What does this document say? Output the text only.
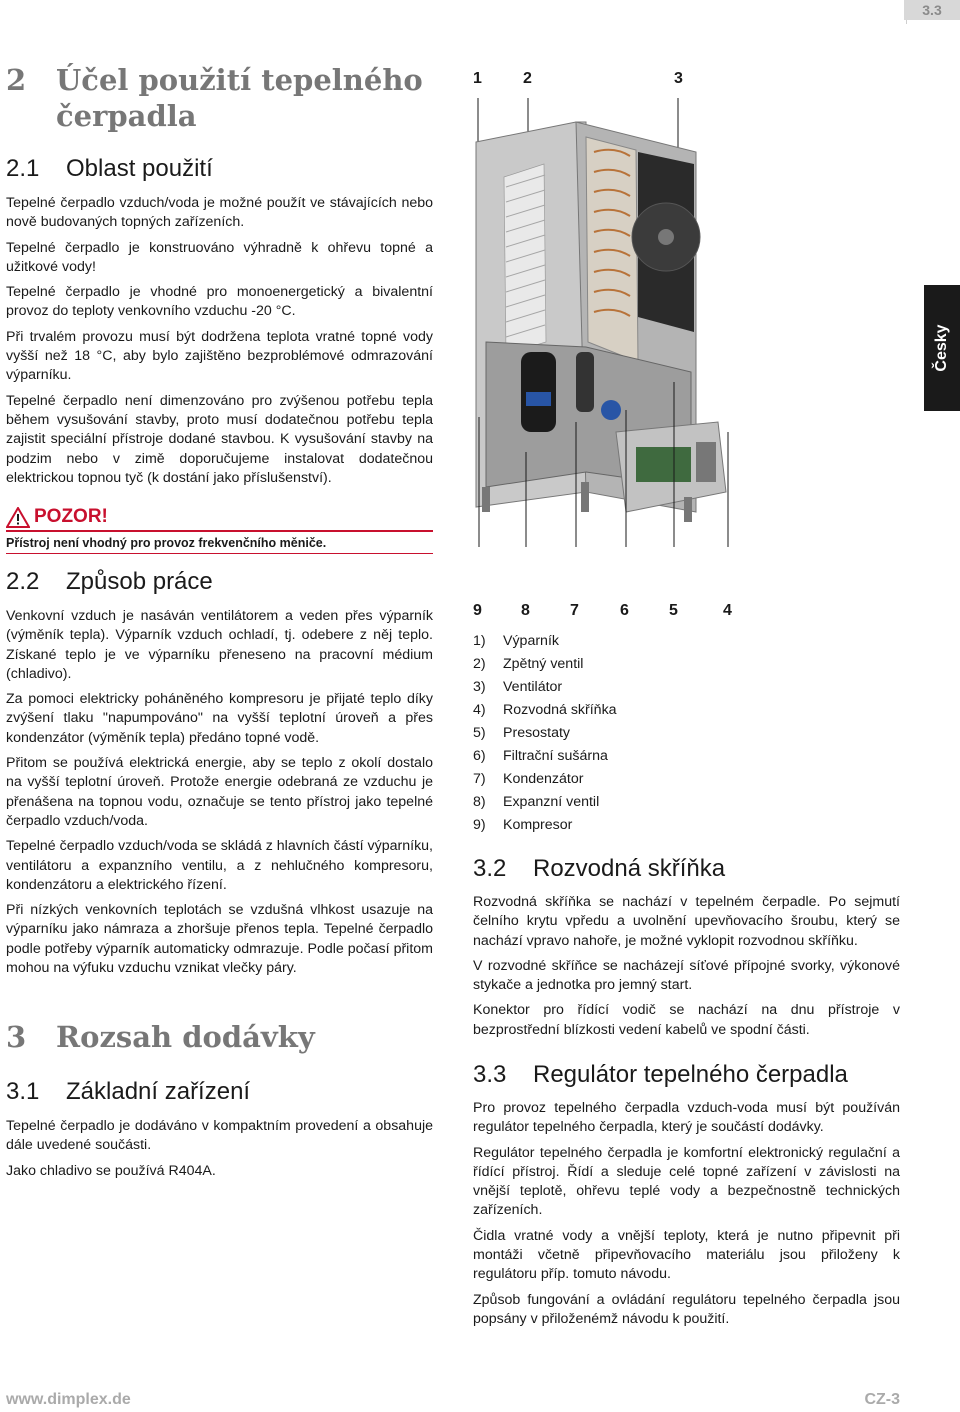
3.3
Česky
2	Účel použití tepelného čerpadla
2.1 Oblast použití

Tepelné čerpadlo vzduch/voda je možné použít ve stávajících nebo nově budovaných topných zařízeních.

Tepelné čerpadlo je konstruováno výhradně k ohřevu topné a užitkové vody!

Tepelné čerpadlo je vhodné pro monoenergetický a bivalentní provoz do teploty venkovního vzduchu -20 °C.

Při trvalém provozu musí být dodržena teplota vratné topné vody vyšší než 18 °C, aby bylo zajištěno bezproblémové odmrazování výparníku.

Tepelné čerpadlo není dimenzováno pro zvýšenou potřebu tepla během vysušování stavby, proto musí dodatečnou potřebu tepla zajistit speciální přístroje dodané stavbou. K vysušování stavby na podzim nebo v zimě doporučujeme instalovat dodatečnou elektrickou topnou tyč (k dostání jako příslušenství).

POZOR!
Přístroj není vhodný pro provoz frekvenčního měniče.
2.2 Způsob práce

Venkovní vzduch je nasáván ventilátorem a veden přes výparník (výměník tepla). Výparník vzduch ochladí, tj. odebere z něj teplo. Získané teplo je ve výparníku přeneseno na pracovní médium (chladivo).

Za pomoci elektricky poháněného kompresoru je přijaté teplo díky zvýšení tlaku "napumpováno" na vyšší teplotní úroveň a přes kondenzátor (výměník tepla) předáno topné vodě.

Přitom se používá elektrická energie, aby se teplo z okolí dostalo na vyšší teplotní úroveň. Protože energie odebraná ze vzduchu je přenášena na topnou vodu, označuje se tento přístroj jako tepelné čerpadlo vzduch/voda.

Tepelné čerpadlo vzduch/voda se skládá z hlavních částí výparníku, ventilátoru a expanzního ventilu, a z nehlučného kompresoru, kondenzátoru a elektrického řízení.

Při nízkých venkovních teplotách se vzdušná vlhkost usazuje na výparníku jako námraza a zhoršuje přenos tepla. Tepelné čerpadlo podle potřeby výparník automaticky odmrazuje. Podle počasí přitom mohou na výfuku vzduchu vznikat vlečky páry.

3 Rozsah dodávky
3.1 Základní zařízení

Tepelné čerpadlo je dodáváno v kompaktním provedení a obsahuje dále uvedené součásti.

Jako chladivo se používá R404A.

1	2	3
9 8	7	6	5	4
1) Výparník
2) Zpětný ventil
3) Ventilátor
4) Rozvodná skříňka
5) Presostaty
6) Filtrační sušárna
7) Kondenzátor
8) Expanzní ventil
9) Kompresor
3.2 Rozvodná skříňka

Rozvodná skříňka se nachází v tepelném čerpadle. Po sejmutí čelního krytu vpředu a uvolnění upevňovacího šroubu, který se nachází vpravo nahoře, je možné vyklopit rozvodnou skříňku.

V rozvodné skříňce se nacházejí síťové přípojné svorky, výkonové stykače a jednotka pro jemný start.

Konektor pro řídící vodič se nachází na dnu přístroje v bezprostřední blízkosti vedení kabelů ve spodní části.

3.3 Regulátor tepelného čerpadla

Pro provoz tepelného čerpadla vzduch-voda musí být používán regulátor tepelného čerpadla, který je součástí dodávky.

Regulátor tepelného čerpadla je komfortní elektronický regulační a řídící přístroj. Řídí a sleduje celé topné zařízení v závislosti na vnější teplotě, ohřevu teplé vody a bezpečnostně technických zařízeních.

Čidla vratné vody a vnější teploty, která je nutno připevnit při montáži včetně připevňovacího materiálu jsou přiloženy k regulátoru příp. tomuto návodu.

Způsob fungování a ovládání regulátoru tepelného čerpadla jsou popsány v přiloženémž návodu k použití.

www.dimplex.de	CZ-3
